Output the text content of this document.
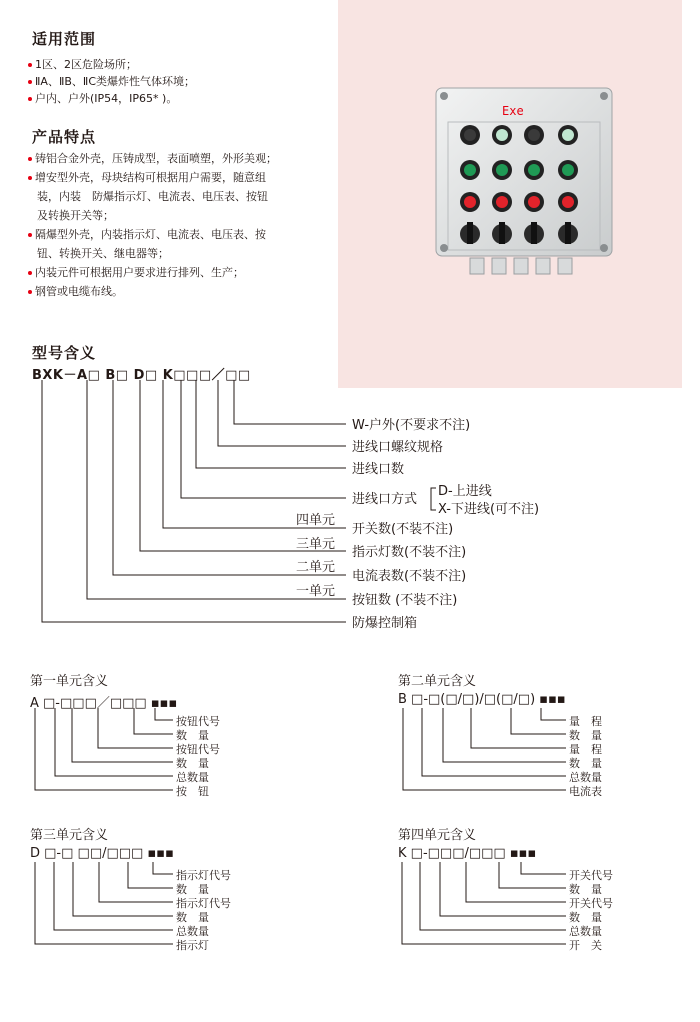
Exe
适用范围
1区、2区危险场所；
ⅡA、ⅡB、ⅡC类爆炸性气体环境；
户内、户外(IP54，IP65* )。
产品特点
铸铝合金外壳，压铸成型，表面喷塑，外形美观；
增安型外壳，母块结构可根据用户需要，随意组
装，内装　防爆指示灯、电流表、电压表、按钮
及转换开关等；
隔爆型外壳，内装指示灯、电流表、电压表、按
钮、转换开关、继电器等；
内装元件可根据用户要求进行排列、生产；
钢管或电缆布线。
型号含义
BXK－A□ B□ D□ K□□□／□□
W-户外(不要求不注)
进线口螺纹规格
进线口数
进线口方式
D-上进线
X-下进线(可不注)
开关数(不装不注)
指示灯数(不装不注)
电流表数(不装不注)
按钮数 (不装不注)
防爆控制箱
四单元
三单元
二单元
一单元
第一单元含义
A □-□□□／□□□ ▪▪▪
按钮代号
数　量
按钮代号
数　量
总数量
按　钮
第二单元含义
B □-□(□/□)/□(□/□) ▪▪▪
量　程
数　量
量　程
数　量
总数量
电流表
第三单元含义
D □-□ □□/□□□ ▪▪▪
指示灯代号
数　量
指示灯代号
数　量
总数量
指示灯
第四单元含义
K □-□□□/□□□ ▪▪▪
开关代号
数　量
开关代号
数　量
总数量
开　关
